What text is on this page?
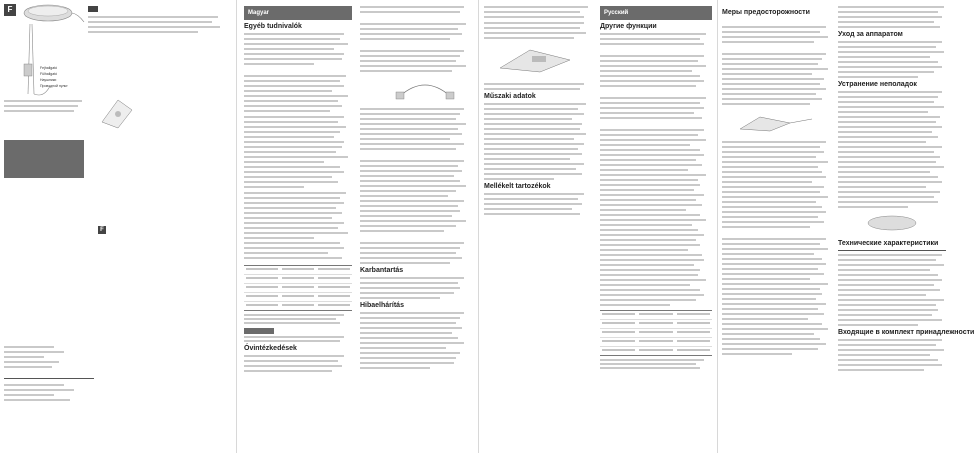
F
Fejhallgató
Fülhallgató
Наушники
Проводной пульт
F
Magyar
Egyéb tudnivalók
Óvintézkedések
Karbantartás
Hibaelhárítás
Műszaki adatok
Mellékelt tartozékok
Русский
Другие функции
Меры предосторожности
Уход за аппаратом
Устранение неполадок
Технические характеристики
Входящие в комплект принадлежности
